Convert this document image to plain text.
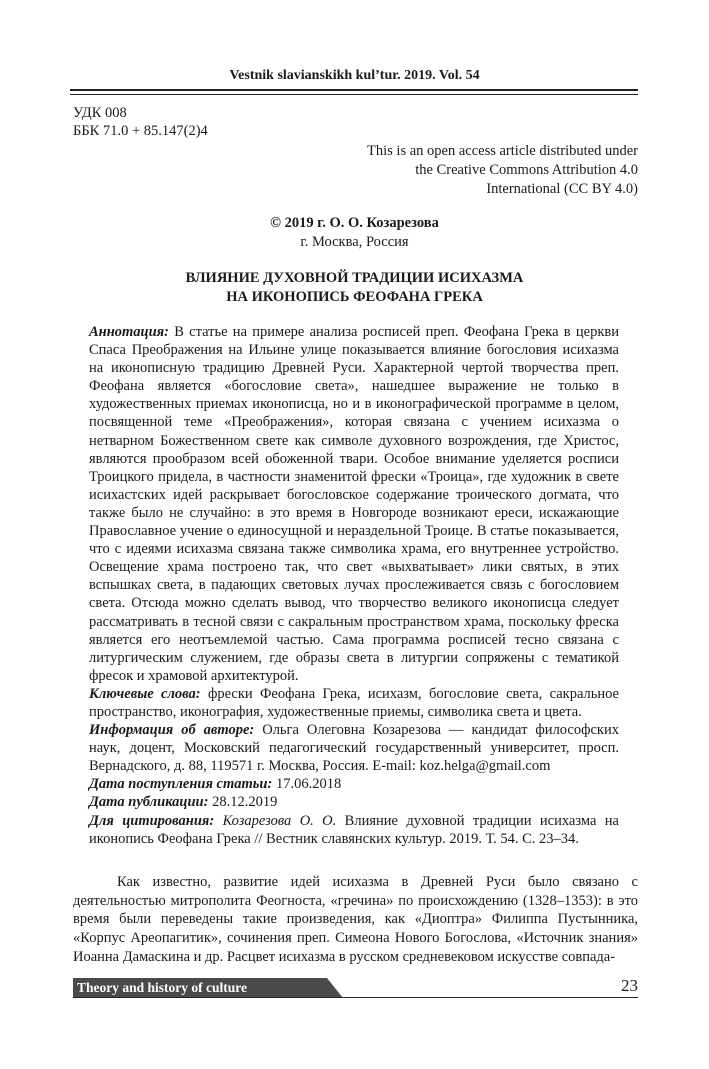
Vestnik slavianskikh kul’tur. 2019. Vol. 54
УДК 008
ББК 71.0 + 85.147(2)4
This is an open access article distributed under
the Creative Commons Attribution 4.0
International (CC BY 4.0)
© 2019 г. О. О. Козарезова
г. Москва, Россия
ВЛИЯНИЕ ДУХОВНОЙ ТРАДИЦИИ ИСИХАЗМА
НА ИКОНОПИСЬ ФЕОФАНА ГРЕКА

Аннотация: В статье на примере анализа росписей преп. Феофана Грека в церкви Спаса Преображения на Ильине улице показывается влияние богословия исихазма на иконописную традицию Древней Руси. Характерной чертой творчества преп. Феофана является «богословие света», нашедшее выражение не только в художественных приемах иконописца, но и в иконографической программе в целом, посвященной теме «Преображения», которая связана с учением исихазма о нетварном Божественном свете как символе духовного возрождения, где Христос, являются прообразом всей обоженной твари. Особое внимание уделяется росписи Троицкого придела, в частности знаменитой фрески «Троица», где художник в свете исихастских идей раскрывает богословское содержание троического догмата, что также было не случайно: в это время в Новгороде возникают ереси, искажающие Православное учение о единосущной и нераздельной Троице. В статье показывается, что с идеями исихазма связана также символика храма, его внутреннее устройство. Освещение храма построено так, что свет «выхватывает» лики святых, в этих вспышках света, в падающих световых лучах прослеживается связь с богословием света. Отсюда можно сделать вывод, что творчество великого иконописца следует рассматривать в тесной связи с сакральным пространством храма, поскольку фреска является его неотъемлемой частью. Сама программа росписей тесно связана с литургическим служением, где образы света в литургии сопряжены с тематикой фресок и храмовой архитектурой.

Ключевые слова: фрески Феофана Грека, исихазм, богословие света, сакральное пространство, иконография, художественные приемы, символика света и цвета.

Информация об авторе: Ольга Олеговна Козарезова — кандидат философских наук, доцент, Московский педагогический государственный университет, просп. Вернадского, д. 88, 119571 г. Москва, Россия. E-mail: koz.helga@gmail.com

Дата поступления статьи: 17.06.2018

Дата публикации: 28.12.2019

Для цитирования: Козарезова О. О. Влияние духовной традиции исихазма на иконопись Феофана Грека // Вестник славянских культур. 2019. Т. 54. С. 23–34.

Как известно, развитие идей исихазма в Древней Руси было связано с деятельностью митрополита Феогноста, «гречина» по происхождению (1328–1353): в это время были переведены такие произведения, как «Диоптра» Филиппа Пустынника, «Корпус Ареопагитик», сочинения преп. Симеона Нового Богослова, «Источник знания» Иоанна Дамаскина и др. Расцвет исихазма в русском средневековом искусстве совпада-

Theory and history of culture	23
